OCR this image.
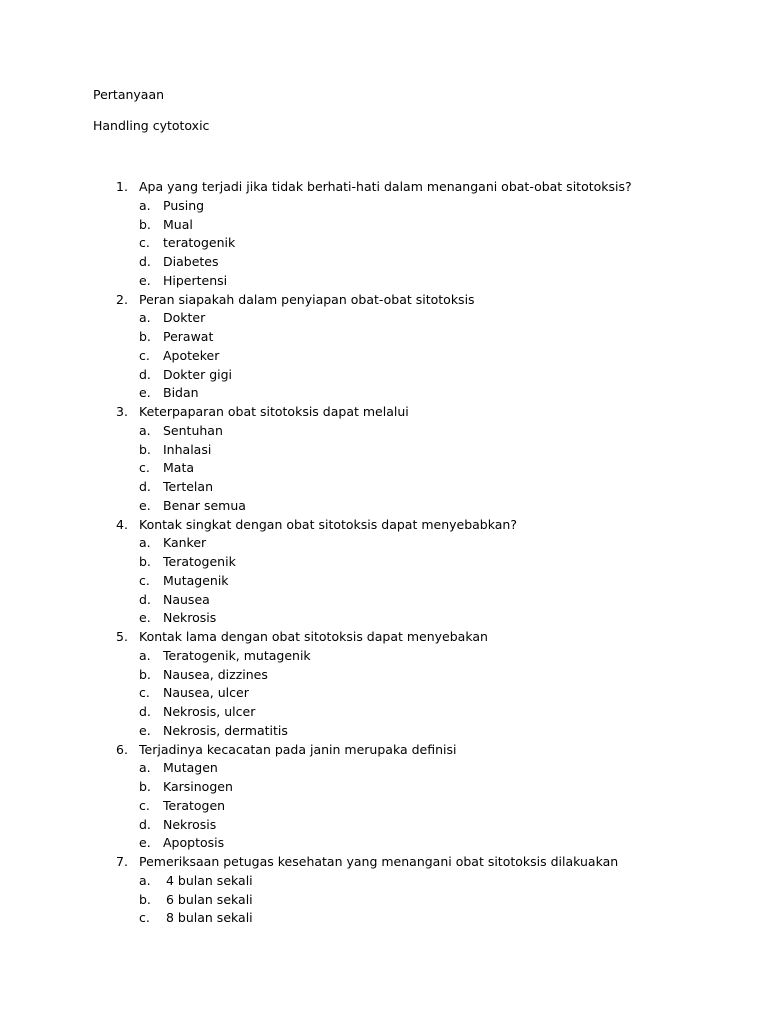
Pertanyaan
Handling cytotoxic
1. Apa yang terjadi jika tidak berhati-hati dalam menangani obat-obat sitotoksis?
a. Pusing
b. Mual
c. teratogenik
d. Diabetes
e. Hipertensi
2. Peran siapakah dalam penyiapan obat-obat sitotoksis
a. Dokter
b. Perawat
c. Apoteker
d. Dokter gigi
e. Bidan
3. Keterpaparan obat sitotoksis dapat melalui
a. Sentuhan
b. Inhalasi
c. Mata
d. Tertelan
e. Benar semua
4. Kontak singkat dengan obat sitotoksis dapat menyebabkan?
a. Kanker
b. Teratogenik
c. Mutagenik
d. Nausea
e. Nekrosis
5. Kontak lama dengan obat sitotoksis dapat menyebakan
a. Teratogenik, mutagenik
b. Nausea, dizzines
c. Nausea, ulcer
d. Nekrosis, ulcer
e. Nekrosis, dermatitis
6. Terjadinya kecacatan pada janin merupaka definisi
a. Mutagen
b. Karsinogen
c. Teratogen
d. Nekrosis
e. Apoptosis
7. Pemeriksaan petugas kesehatan yang menangani obat sitotoksis dilakuakan
a. 4 bulan sekali
b. 6 bulan sekali
c. 8 bulan sekali
